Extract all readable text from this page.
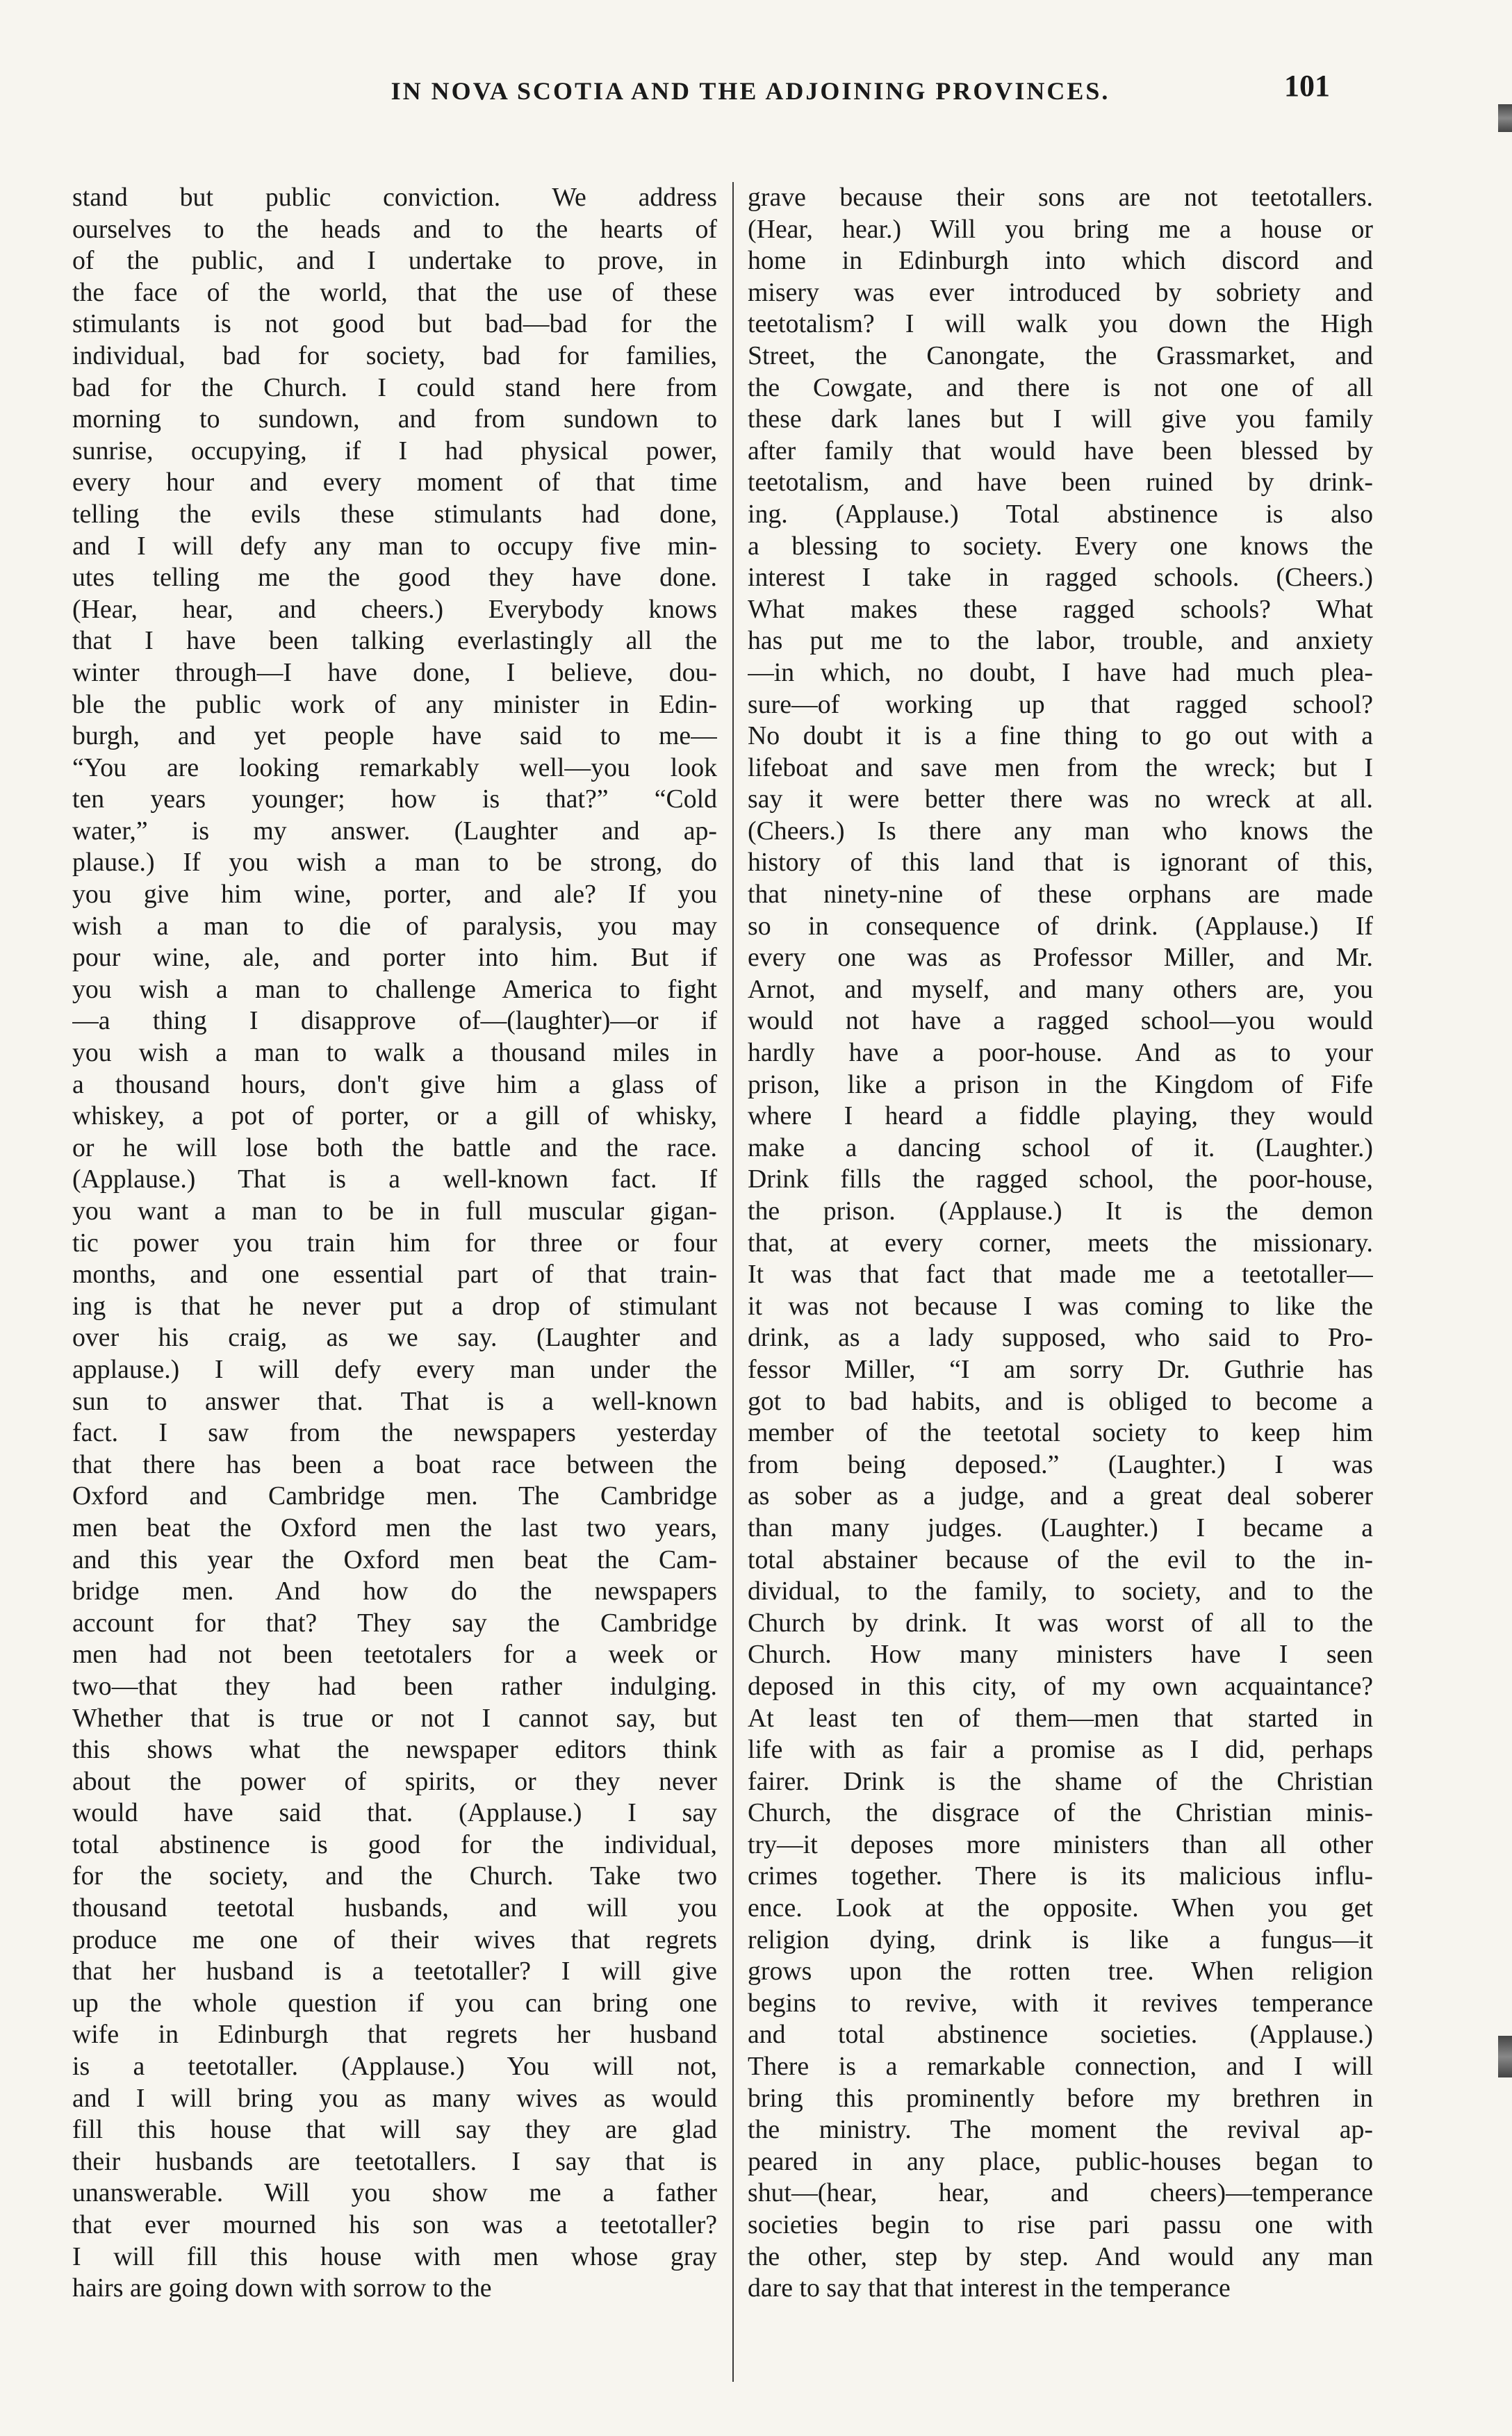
IN NOVA SCOTIA AND THE ADJOINING PROVINCES.	101
stand but public conviction. We address
ourselves to the heads and to the hearts of
of the public, and I undertake to prove, in
the face of the world, that the use of these
stimulants is not good but bad—bad for the
individual, bad for society, bad for families,
bad for the Church. I could stand here from
morning to sundown, and from sundown to
sunrise, occupying, if I had physical power,
every hour and every moment of that time
telling the evils these stimulants had done,
and I will defy any man to occupy five min-
utes telling me the good they have done.
(Hear, hear, and cheers.) Everybody knows
that I have been talking everlastingly all the
winter through—I have done, I believe, dou-
ble the public work of any minister in Edin-
burgh, and yet people have said to me—
“You are looking remarkably well—you look
ten years younger; how is that?” “Cold
water,” is my answer. (Laughter and ap-
plause.) If you wish a man to be strong, do
you give him wine, porter, and ale? If you
wish a man to die of paralysis, you may
pour wine, ale, and porter into him. But if
you wish a man to challenge America to fight
—a thing I disapprove of—(laughter)—or if
you wish a man to walk a thousand miles in
a thousand hours, don't give him a glass of
whiskey, a pot of porter, or a gill of whisky,
or he will lose both the battle and the race.
(Applause.) That is a well-known fact. If
you want a man to be in full muscular gigan-
tic power you train him for three or four
months, and one essential part of that train-
ing is that he never put a drop of stimulant
over his craig, as we say. (Laughter and
applause.) I will defy every man under the
sun to answer that. That is a well-known
fact. I saw from the newspapers yesterday
that there has been a boat race between the
Oxford and Cambridge men. The Cambridge
men beat the Oxford men the last two years,
and this year the Oxford men beat the Cam-
bridge men. And how do the newspapers
account for that? They say the Cambridge
men had not been teetotalers for a week or
two—that they had been rather indulging.
Whether that is true or not I cannot say, but
this shows what the newspaper editors think
about the power of spirits, or they never
would have said that. (Applause.) I say
total abstinence is good for the individual,
for the society, and the Church. Take two
thousand teetotal husbands, and will you
produce me one of their wives that regrets
that her husband is a teetotaller? I will give
up the whole question if you can bring one
wife in Edinburgh that regrets her husband
is a teetotaller. (Applause.) You will not,
and I will bring you as many wives as would
fill this house that will say they are glad
their husbands are teetotallers. I say that is
unanswerable. Will you show me a father
that ever mourned his son was a teetotaller?
I will fill this house with men whose gray
hairs are going down with sorrow to the
grave because their sons are not teetotallers.
(Hear, hear.) Will you bring me a house or
home in Edinburgh into which discord and
misery was ever introduced by sobriety and
teetotalism? I will walk you down the High
Street, the Canongate, the Grassmarket, and
the Cowgate, and there is not one of all
these dark lanes but I will give you family
after family that would have been blessed by
teetotalism, and have been ruined by drink-
ing. (Applause.) Total abstinence is also
a blessing to society. Every one knows the
interest I take in ragged schools. (Cheers.)
What makes these ragged schools? What
has put me to the labor, trouble, and anxiety
—in which, no doubt, I have had much plea-
sure—of working up that ragged school?
No doubt it is a fine thing to go out with a
lifeboat and save men from the wreck; but I
say it were better there was no wreck at all.
(Cheers.) Is there any man who knows the
history of this land that is ignorant of this,
that ninety-nine of these orphans are made
so in consequence of drink. (Applause.) If
every one was as Professor Miller, and Mr.
Arnot, and myself, and many others are, you
would not have a ragged school—you would
hardly have a poor-house. And as to your
prison, like a prison in the Kingdom of Fife
where I heard a fiddle playing, they would
make a dancing school of it. (Laughter.)
Drink fills the ragged school, the poor-house,
the prison. (Applause.) It is the demon
that, at every corner, meets the missionary.
It was that fact that made me a teetotaller—
it was not because I was coming to like the
drink, as a lady supposed, who said to Pro-
fessor Miller, “I am sorry Dr. Guthrie has
got to bad habits, and is obliged to become a
member of the teetotal society to keep him
from being deposed.” (Laughter.) I was
as sober as a judge, and a great deal soberer
than many judges. (Laughter.) I became a
total abstainer because of the evil to the in-
dividual, to the family, to society, and to the
Church by drink. It was worst of all to the
Church. How many ministers have I seen
deposed in this city, of my own acquaintance?
At least ten of them—men that started in
life with as fair a promise as I did, perhaps
fairer. Drink is the shame of the Christian
Church, the disgrace of the Christian minis-
try—it deposes more ministers than all other
crimes together. There is its malicious influ-
ence. Look at the opposite. When you get
religion dying, drink is like a fungus—it
grows upon the rotten tree. When religion
begins to revive, with it revives temperance
and total abstinence societies. (Applause.)
There is a remarkable connection, and I will
bring this prominently before my brethren in
the ministry. The moment the revival ap-
peared in any place, public-houses began to
shut—(hear, hear, and cheers)—temperance
societies begin to rise pari passu one with
the other, step by step. And would any man
dare to say that that interest in the temperance
